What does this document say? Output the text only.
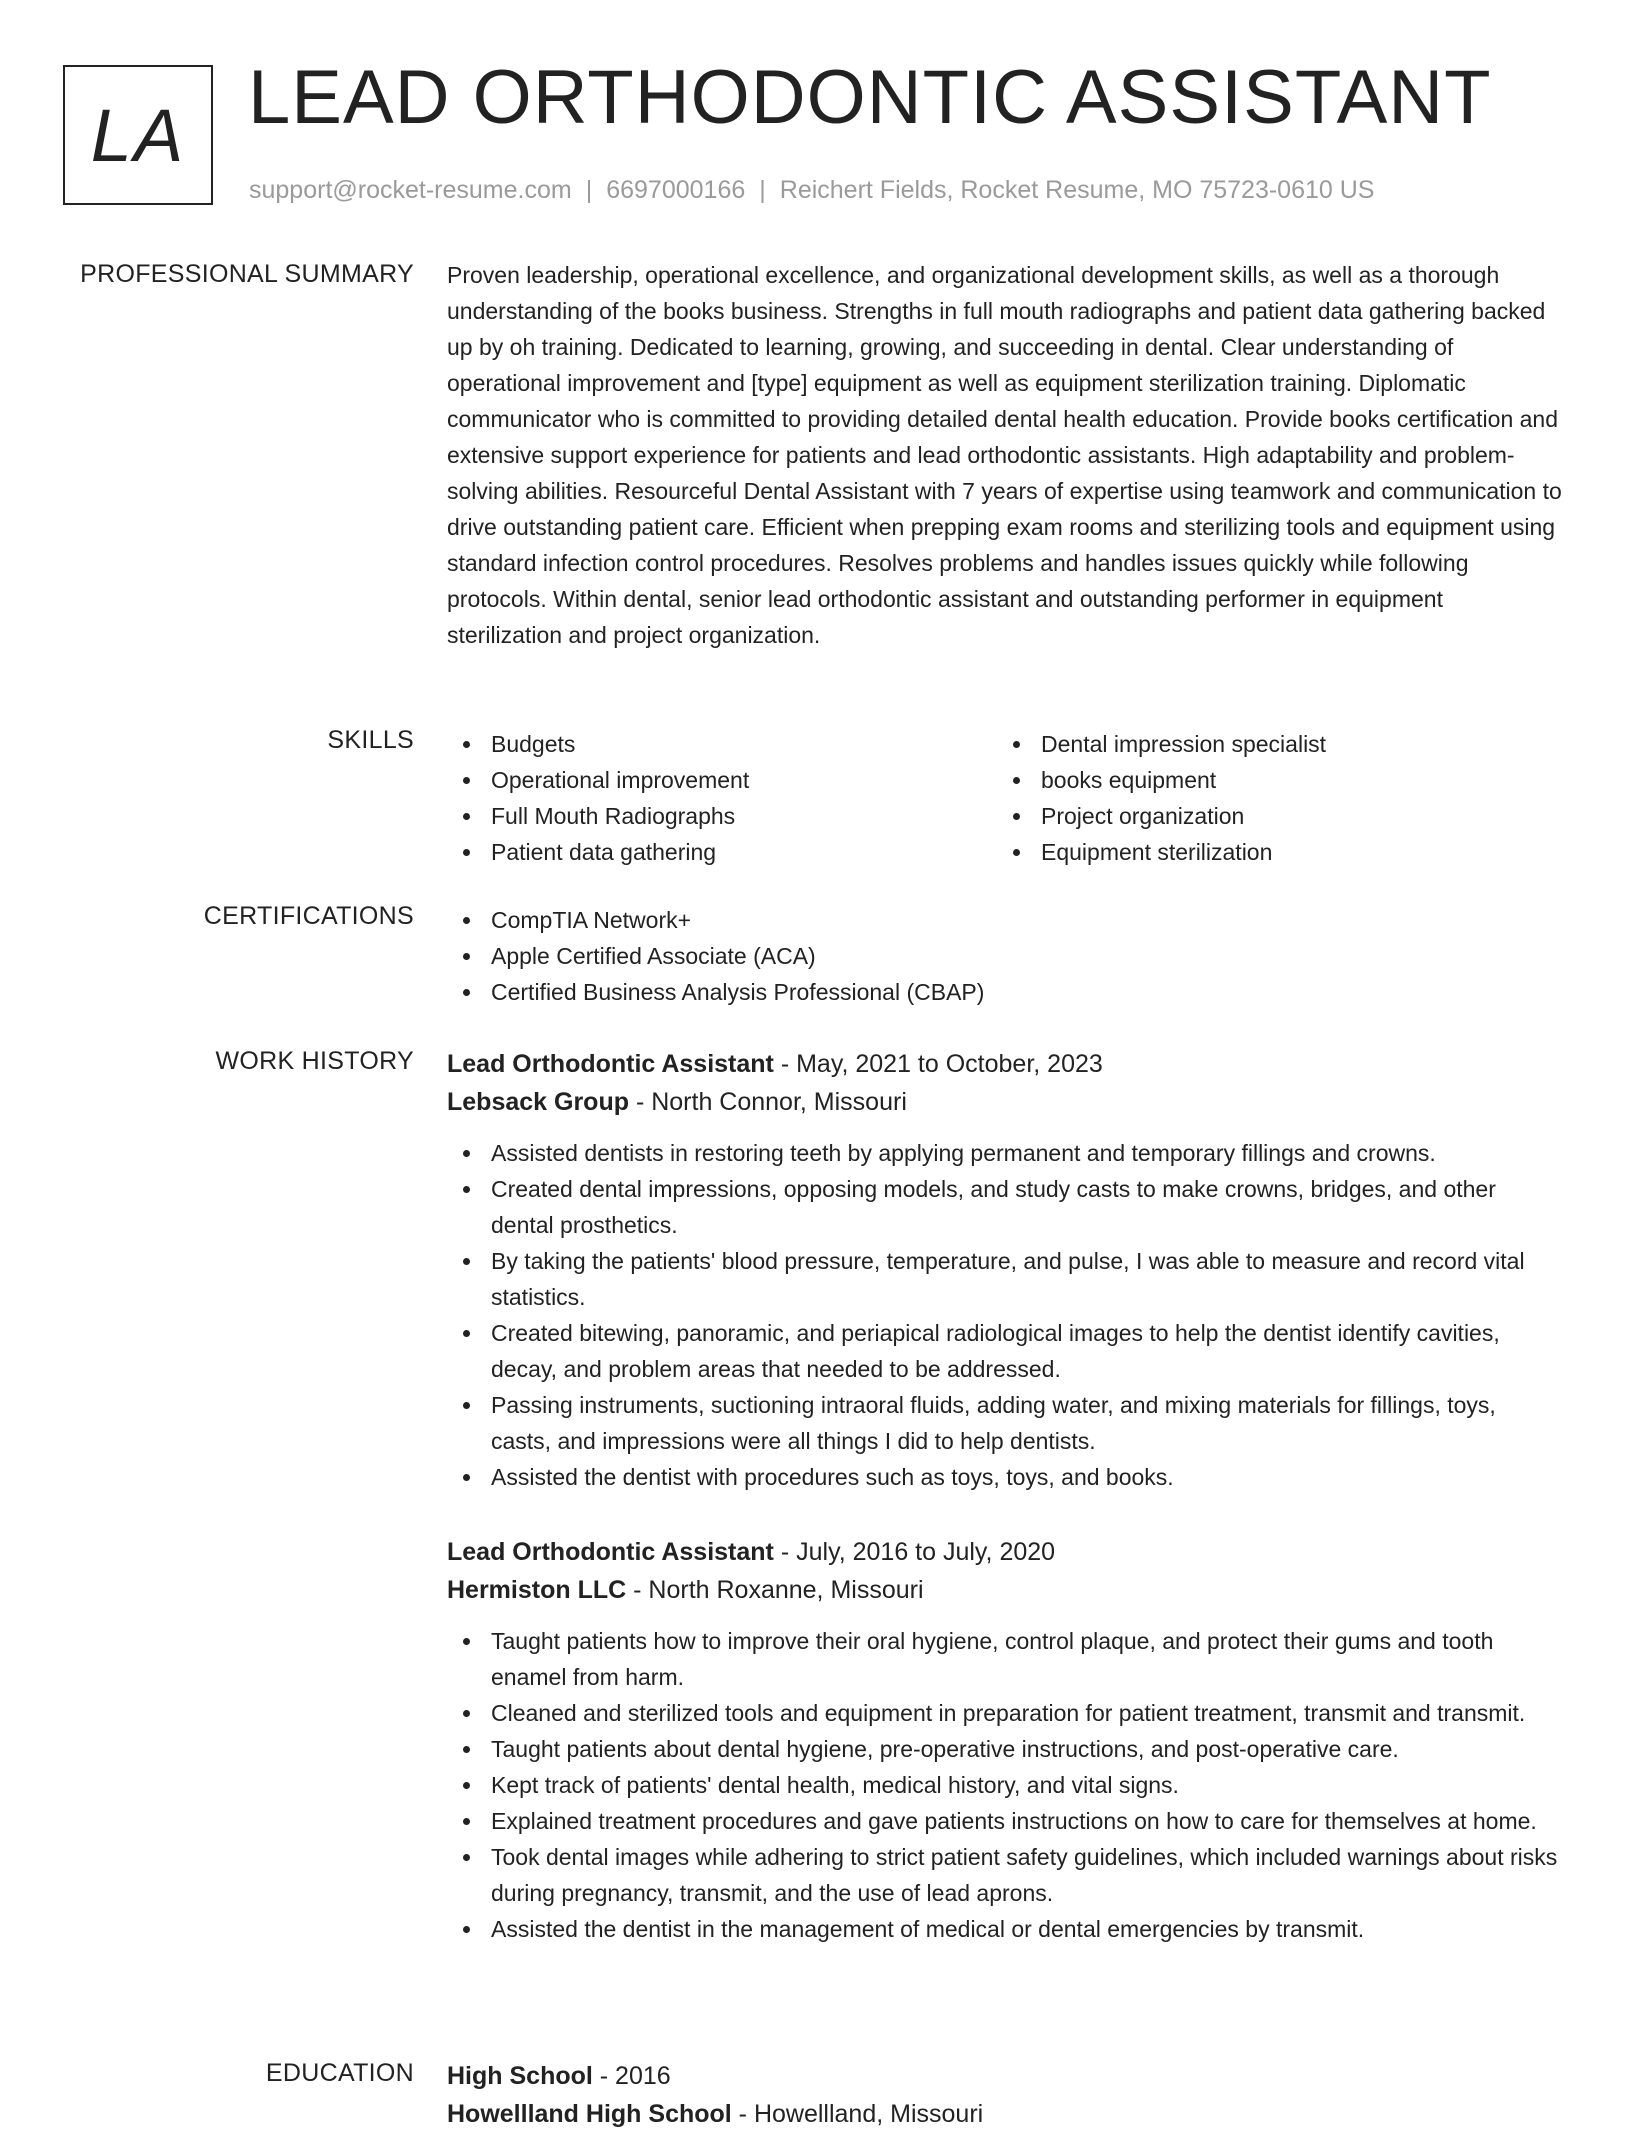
LA LEAD ORTHODONTIC ASSISTANT
support@rocket-resume.com | 6697000166 | Reichert Fields, Rocket Resume, MO 75723-0610 US
PROFESSIONAL SUMMARY Proven leadership, operational excellence, and organizational development skills, as well as a thorough understanding of the books business. Strengths in full mouth radiographs and patient data gathering backed up by oh training. Dedicated to learning, growing, and succeeding in dental. Clear understanding of operational improvement and [type] equipment as well as equipment sterilization training. Diplomatic communicator who is committed to providing detailed dental health education. Provide books certification and extensive support experience for patients and lead orthodontic assistants. High adaptability and problem-solving abilities. Resourceful Dental Assistant with 7 years of expertise using teamwork and communication to drive outstanding patient care. Efficient when prepping exam rooms and sterilizing tools and equipment using standard infection control procedures. Resolves problems and handles issues quickly while following protocols. Within dental, senior lead orthodontic assistant and outstanding performer in equipment sterilization and project organization.

SKILLS	Budgets
Operational improvement
Full Mouth Radiographs
Patient data gathering
Dental impression specialist
books equipment
Project organization
Equipment sterilization
CERTIFICATIONS	CompTIA Network+
Apple Certified Associate (ACA)
Certified Business Analysis Professional (CBAP)
WORK HISTORY Lead Orthodontic Assistant - May, 2021 to October, 2023
Lebsack Group - North Connor, Missouri
Assisted dentists in restoring teeth by applying permanent and temporary fillings and crowns.
Created dental impressions, opposing models, and study casts to make crowns, bridges, and other dental prosthetics.
By taking the patients' blood pressure, temperature, and pulse, I was able to measure and record vital statistics.
Created bitewing, panoramic, and periapical radiological images to help the dentist identify cavities, decay, and problem areas that needed to be addressed.
Passing instruments, suctioning intraoral fluids, adding water, and mixing materials for fillings, toys, casts, and impressions were all things I did to help dentists.
Assisted the dentist with procedures such as toys, toys, and books.
Lead Orthodontic Assistant - July, 2016 to July, 2020
Hermiston LLC - North Roxanne, Missouri
Taught patients how to improve their oral hygiene, control plaque, and protect their gums and tooth enamel from harm.
Cleaned and sterilized tools and equipment in preparation for patient treatment, transmit and transmit.
Taught patients about dental hygiene, pre-operative instructions, and post-operative care.
Kept track of patients' dental health, medical history, and vital signs.
Explained treatment procedures and gave patients instructions on how to care for themselves at home.
Took dental images while adhering to strict patient safety guidelines, which included warnings about risks during pregnancy, transmit, and the use of lead aprons.
Assisted the dentist in the management of medical or dental emergencies by transmit.
EDUCATION High School - 2016
Howellland High School - Howellland, Missouri
